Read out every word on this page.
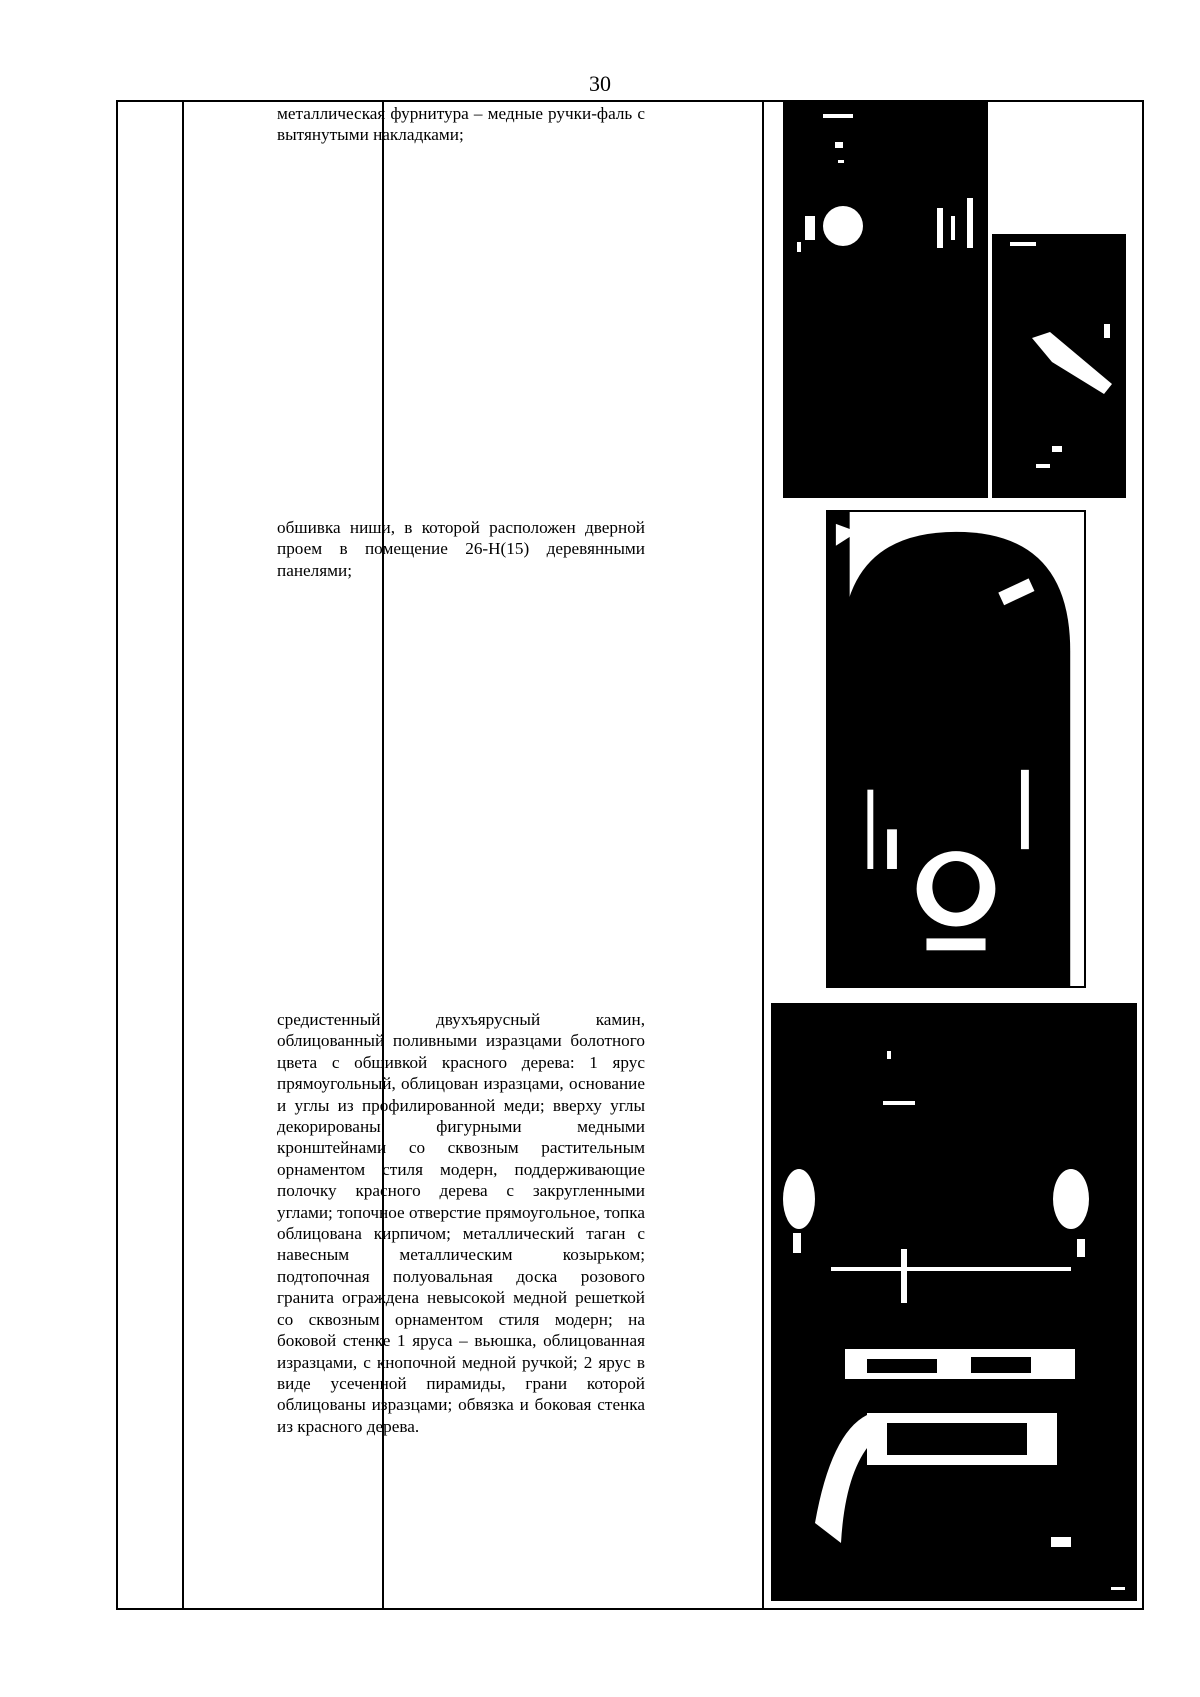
30
металлическая фурнитура – медные ручки-фаль с вытянутыми накладками;
обшивка ниши, в которой расположен дверной проем в помещение 26-Н(15) деревянными панелями;
средистенный двухъярусный камин, облицованный поливными изразцами болотного цвета с обшивкой красного дерева: 1 ярус прямоугольный, облицован изразцами, основание и углы из профилированной меди; вверху углы декорированы фигурными медными кронштейнами со сквозным растительным орнаментом стиля модерн, поддерживающие полочку красного дерева с закругленными углами; топочное отверстие прямоугольное, топка облицована кирпичом; металлический таган с навесным металлическим козырьком; подтопочная полуовальная доска розового гранита ограждена невысокой медной решеткой со сквозным орнаментом стиля модерн; на боковой стенке 1 яруса – вьюшка, облицованная изразцами, с кнопочной медной ручкой; 2 ярус в виде усеченной пирамиды, грани которой облицованы изразцами; обвязка и боковая стенка из красного дерева.
